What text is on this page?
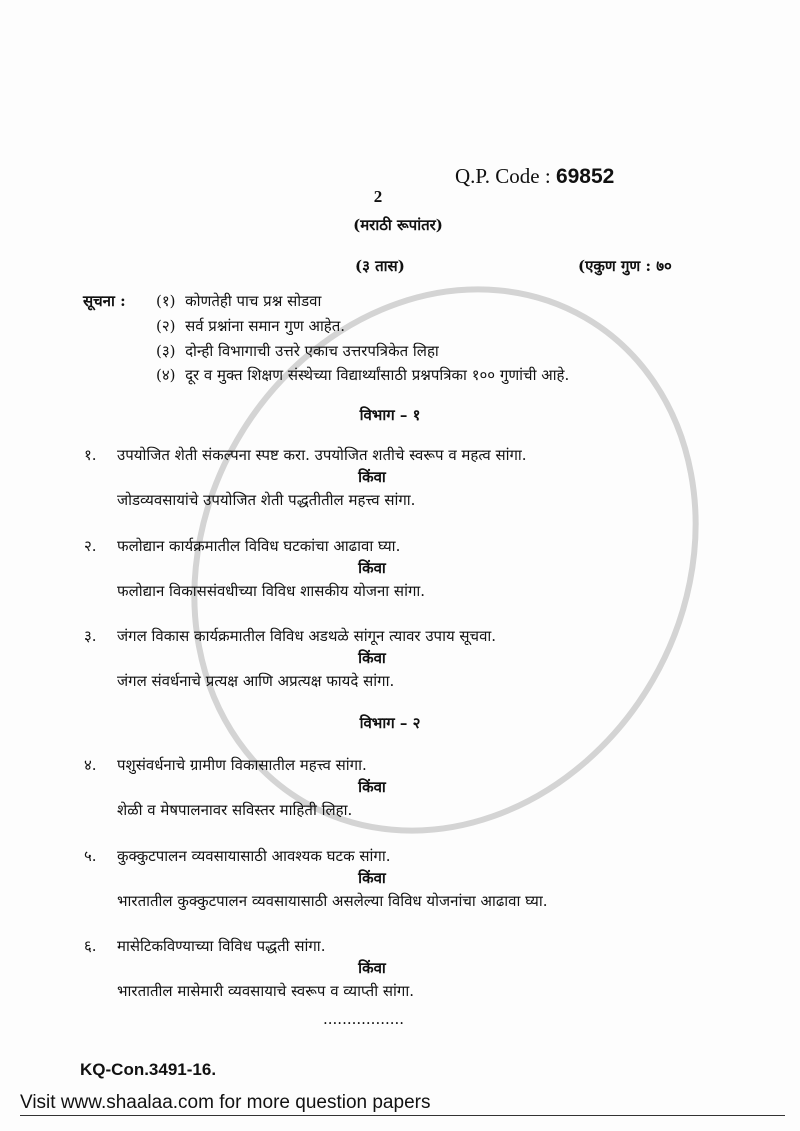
Q.P. Code : 69852
2
(मराठी रूपांतर)
(३ तास)	(एकुण गुण : ७०
सूचना : (१) कोणतेही पाच प्रश्न सोडवा
(२) सर्व प्रश्नांना समान गुण आहेत.
(३) दोन्ही विभागाची उत्तरे एकाच उत्तरपत्रिकेत लिहा
(४) दूर व मुक्त शिक्षण संस्थेच्या विद्यार्थ्यांसाठी प्रश्नपत्रिका १०० गुणांची आहे.
विभाग – १
१. उपयोजित शेती संकल्पना स्पष्ट करा. उपयोजित शतीचे स्वरूप व महत्व सांगा.
किंवा
जोडव्यवसायांचे उपयोजित शेती पद्धतीतील महत्त्व सांगा.
२. फलोद्यान कार्यक्रमातील विविध घटकांचा आढावा घ्या.
किंवा
फलोद्यान विकाससंवधीच्या विविध शासकीय योजना सांगा.
३. जंगल विकास कार्यक्रमातील विविध अडथळे सांगून त्यावर उपाय सूचवा.
किंवा
जंगल संवर्धनाचे प्रत्यक्ष आणि अप्रत्यक्ष फायदे सांगा.
विभाग – २
४. पशुसंवर्धनाचे ग्रामीण विकासातील महत्त्व सांगा.
किंवा
शेळी व मेषपालनावर सविस्तर माहिती लिहा.
५. कुक्कुटपालन व्यवसायासाठी आवश्यक घटक सांगा.
किंवा
भारतातील कुक्कुटपालन व्यवसायासाठी असलेल्या विविध योजनांचा आढावा घ्या.
६. मासेटिकविण्याच्या विविध पद्धती सांगा.
किंवा
भारतातील मासेमारी व्यवसायाचे स्वरूप व व्याप्ती सांगा.
.................
KQ-Con.3491-16.
Visit www.shaalaa.com for more question papers
